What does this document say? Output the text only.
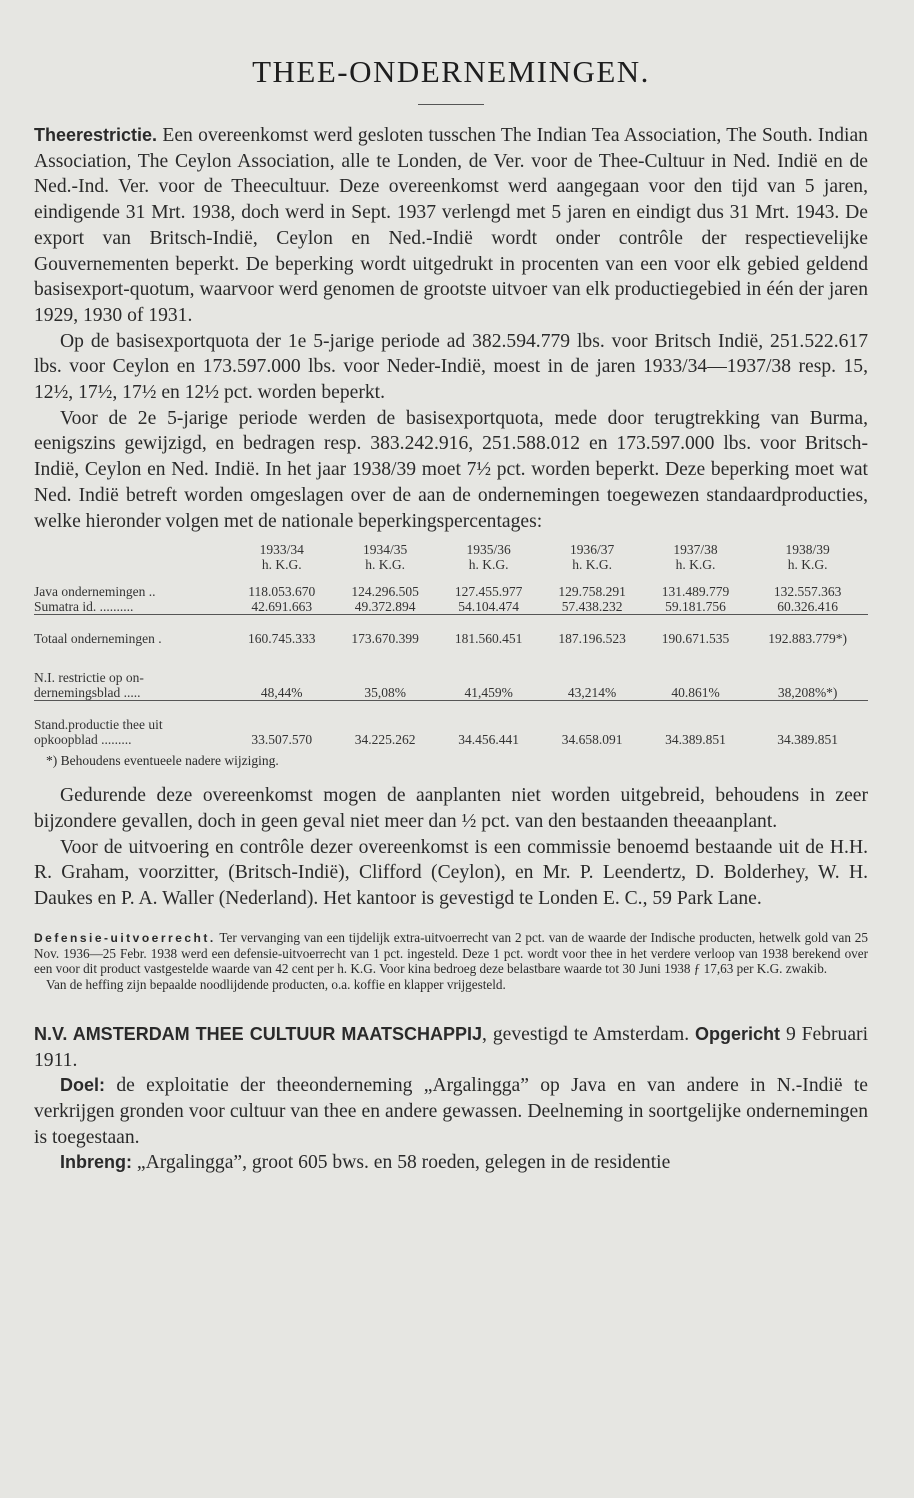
THEE-ONDERNEMINGEN.

Theerestrictie. Een overeenkomst werd gesloten tusschen The Indian Tea Association, The South. Indian Association, The Ceylon Association, alle te Londen, de Ver. voor de Thee-Cultuur in Ned. Indië en de Ned.-Ind. Ver. voor de Theecultuur. Deze overeenkomst werd aangegaan voor den tijd van 5 jaren, eindigende 31 Mrt. 1938, doch werd in Sept. 1937 verlengd met 5 jaren en eindigt dus 31 Mrt. 1943. De export van Britsch-Indië, Ceylon en Ned.-Indië wordt onder contrôle der respectievelijke Gouvernementen beperkt. De beperking wordt uitgedrukt in procenten van een voor elk gebied geldend basisexport-quotum, waarvoor werd genomen de grootste uitvoer van elk productiegebied in één der jaren 1929, 1930 of 1931.

Op de basisexportquota der 1e 5-jarige periode ad 382.594.779 lbs. voor Britsch Indië, 251.522.617 lbs. voor Ceylon en 173.597.000 lbs. voor Neder-Indië, moest in de jaren 1933/34—1937/38 resp. 15, 12½, 17½, 17½ en 12½ pct. worden beperkt.

Voor de 2e 5-jarige periode werden de basisexportquota, mede door terugtrekking van Burma, eenigszins gewijzigd, en bedragen resp. 383.242.916, 251.588.012 en 173.597.000 lbs. voor Britsch-Indië, Ceylon en Ned. Indië. In het jaar 1938/39 moet 7½ pct. worden beperkt. Deze beperking moet wat Ned. Indië betreft worden omgeslagen over de aan de ondernemingen toegewezen standaardproducties, welke hieronder volgen met de nationale beperkingspercentages:

	1933/34	1934/35	1935/36	1936/37	1937/38	1938/39
	h. K.G.	h. K.G.	h. K.G.	h. K.G.	h. K.G.	h. K.G.

Java ondernemingen ..	118.053.670	124.296.505	127.455.977	129.758.291	131.489.779	132.557.363
Sumatra id. ..........	42.691.663	49.372.894	54.104.474	57.438.232	59.181.756	60.326.416

Totaal ondernemingen .	160.745.333	173.670.399	181.560.451	187.196.523	190.671.535	192.883.779*)

N.I. restrictie op on-						
dernemingsblad .....	48,44%	35,08%	41,459%	43,214%	40.861%	38,208%*)

Stand.productie thee uit						
opkoopblad .........	33.507.570	34.225.262	34.456.441	34.658.091	34.389.851	34.389.851
*) Behoudens eventueele nadere wijziging.

Gedurende deze overeenkomst mogen de aanplanten niet worden uitgebreid, behoudens in zeer bijzondere gevallen, doch in geen geval niet meer dan ½ pct. van den bestaanden theeaanplant.

Voor de uitvoering en contrôle dezer overeenkomst is een commissie benoemd bestaande uit de H.H. R. Graham, voorzitter, (Britsch-Indië), Clifford (Ceylon), en Mr. P. Leendertz, D. Bolderhey, W. H. Daukes en P. A. Waller (Nederland). Het kantoor is gevestigd te Londen E. C., 59 Park Lane.

Defensie-uitvoerrecht. Ter vervanging van een tijdelijk extra-uitvoerrecht van 2 pct. van de waarde der Indische producten, hetwelk gold van 25 Nov. 1936—25 Febr. 1938 werd een defensie-uitvoerrecht van 1 pct. ingesteld. Deze 1 pct. wordt voor thee in het verdere verloop van 1938 berekend over een voor dit product vastgestelde waarde van 42 cent per h. K.G. Voor kina bedroeg deze belastbare waarde tot 30 Juni 1938 ƒ 17,63 per K.G. zwakib.

Van de heffing zijn bepaalde noodlijdende producten, o.a. koffie en klapper vrijgesteld.

N.V. AMSTERDAM THEE CULTUUR MAATSCHAPPIJ, gevestigd te Amsterdam. Opgericht 9 Februari 1911.

Doel: de exploitatie der theeonderneming „Argalingga” op Java en van andere in N.-Indië te verkrijgen gronden voor cultuur van thee en andere gewassen. Deelneming in soortgelijke ondernemingen is toegestaan.

Inbreng: „Argalingga”, groot 605 bws. en 58 roeden, gelegen in de residentie
